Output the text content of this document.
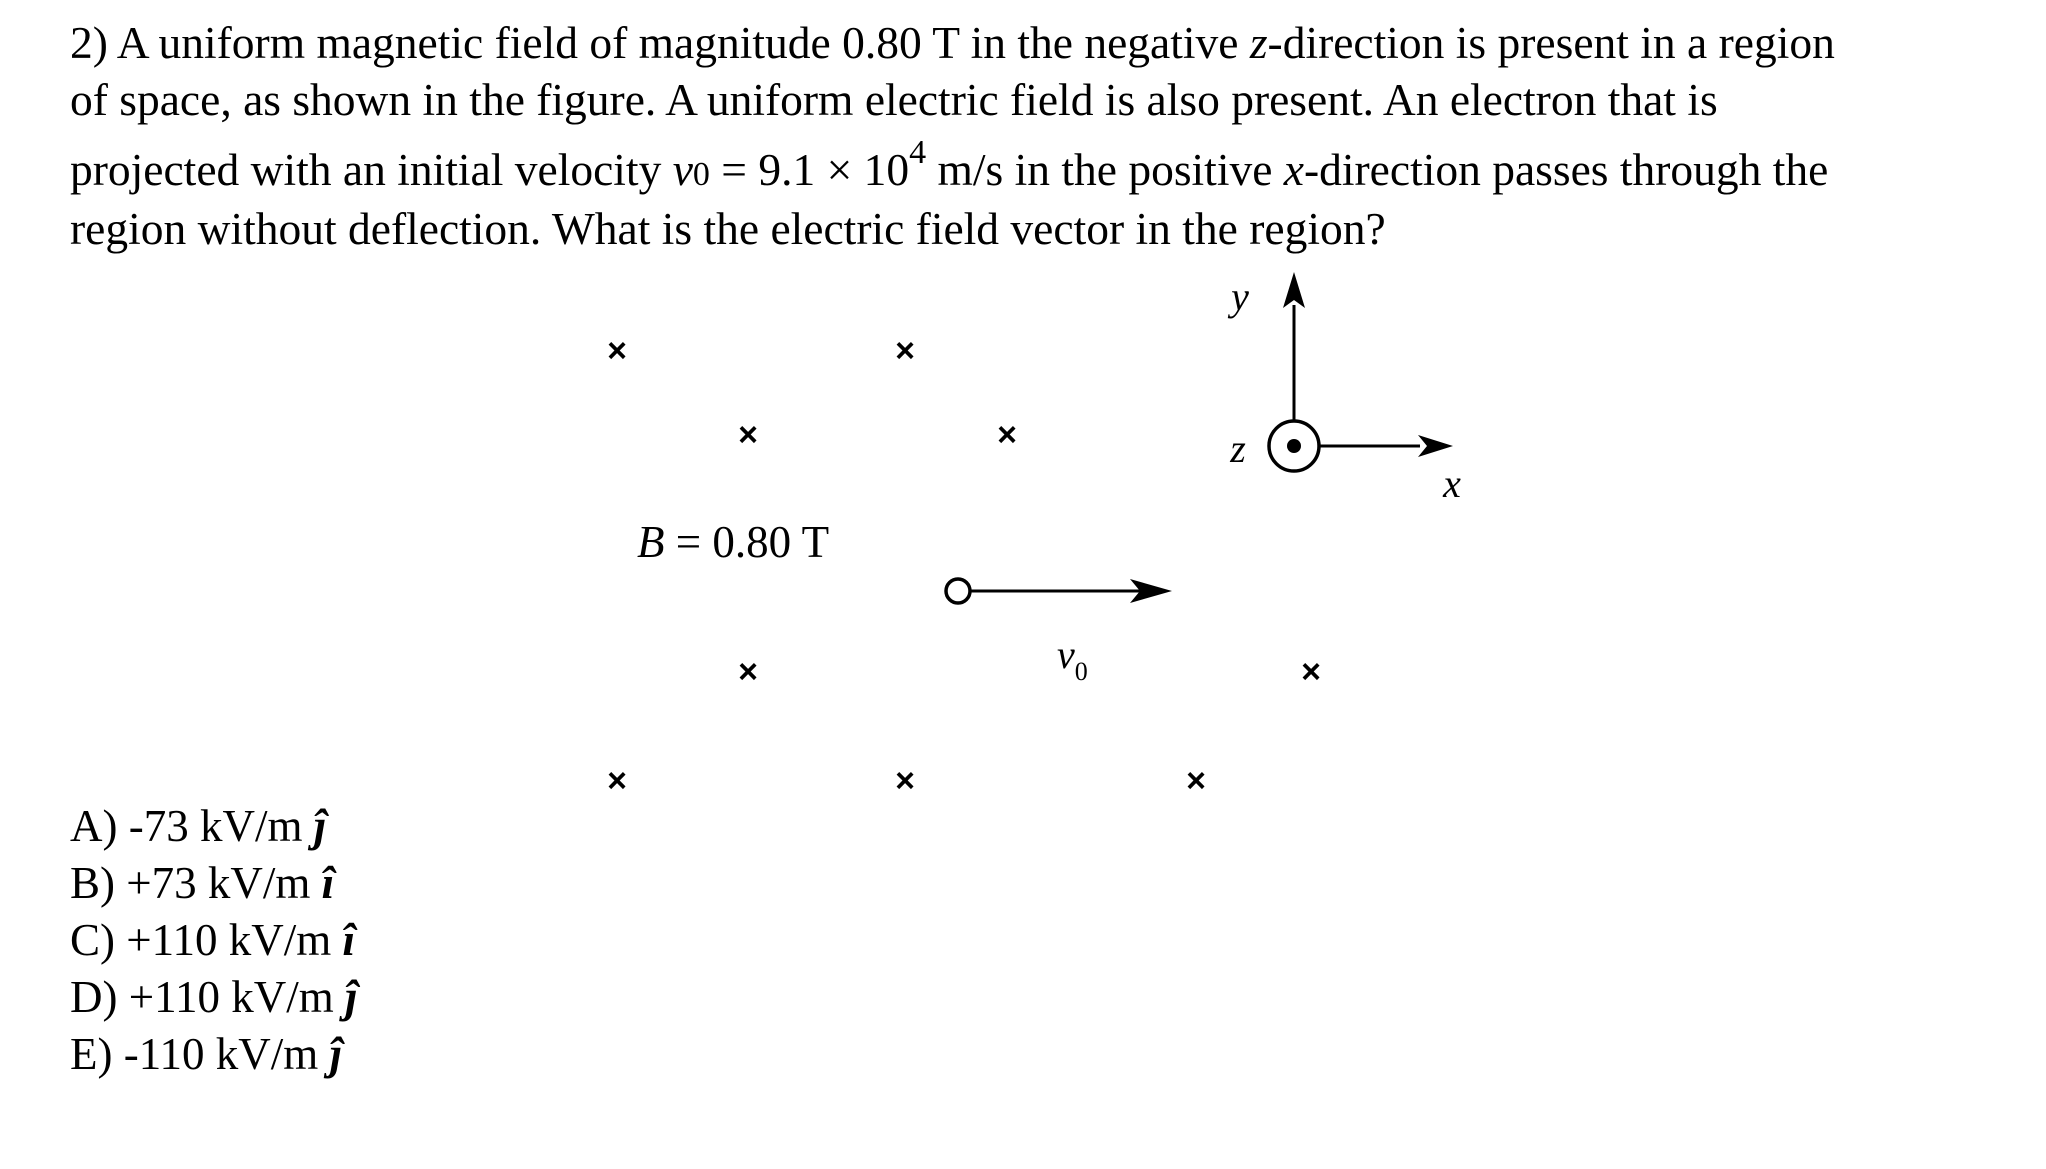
2) A uniform magnetic field of magnitude 0.80 T in the negative z-direction is present in a region
of space, as shown in the figure. A uniform electric field is also present. An electron that is
projected with an initial velocity $v0 = 9.1 \times 10^4$ m/s in the positive x-direction passes through the
region without deflection. What is the electric field vector in the region?
×	×
×	×
×	×
×	×	×
B = 0.80 T
$v_0$
y
x
z
A) -73 kV/m ĵ
B) +73 kV/m î
C) +110 kV/m î
D) +110 kV/m ĵ
E) -110 kV/m ĵ
